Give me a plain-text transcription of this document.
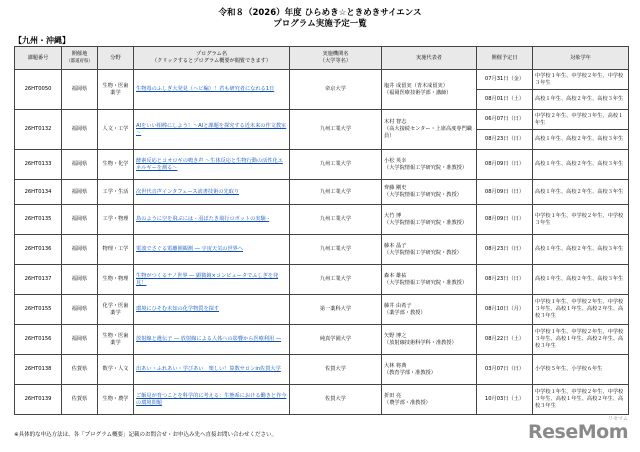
令和８（2026）年度 ひらめき☆ときめきサイエンス
プログラム実施予定一覧
【九州・沖縄】
課題番号	開催地
（都道府県）	分野	プログラム名
（クリックするとプログラム概要が閲覧できます）	実施機関名
（大学等名）	実施代表者	開催予定日	対象学年
26HT0050	福岡県	生物・医歯薬学	生物毒のふしぎ大発見（ヘビ編）！君も研究者になれる1日	帝京大学	塩井 成留実（青木成留実）
（福岡医療技術学部・講師）	07月31日（金）	中学校１年生、中学校２年生、中学校３年生
						08月01日（土）	高校１年生、高校２年生、高校３年生
26HT0132	福岡県	人文・工学	AIをいい相棒にしよう！～AIと課題を探究する近未来の作文教室～	九州工業大学	木村 智志
（高大接続センター・上席高度専門職員）	06月07日（日）	中学校２年生、中学校３年生、高校１年生
						08月23日（日）	高校１年生、高校２年生、高校３年生
26HT0133	福岡県	生物・化学	酵素反応とコオロギの鳴き声 ～生体反応と生物行動の活性化エネルギーを測る～	九州工業大学	小松 英幸
（大学院情報工学研究院・准教授）	08月09日（日）	高校１年生、高校２年生、高校３年生
26HT0134	福岡県	工学・生活	次世代音声インタフェース読書技術の先取り	九州工業大学	齊藤 剛史
（大学院情報工学研究院・教授）	08月09日（日）	高校１年生、高校２年生、高校３年生
26HT0135	福岡県	工学・物理	鳥のように空を飛ぶには - 羽ばたき飛行ロボットの実験 -	九州工業大学	大竹 博
（大学院情報工学研究院・准教授）	08月09日（日）	中学校１年生、中学校２年生、中学校３年生
26HT0136	福岡県	物理・工学	電波でさぐる電離圏観測 ― 宇宙天気の世界へ	九州工業大学	藤本 晶子
（大学院情報工学研究院・教授）	08月23日（日）	高校１年生、高校２年生、高校３年生
26HT0137	福岡県	生物・物理	生物がつくるナノ世界 ― 顕微鏡×コンピュータでふしぎを発見！	九州工業大学	森本 雄祐
（大学院情報工学研究院・准教授）	08月23日（日）	高校１年生、高校２年生、高校３年生
26HT0155	福岡県	化学・医歯薬学	環境にひそむ未知の化学物質を探す	第一薬科大学	藤井 由希子
（薬学部・教授）	08月10日（月）	中学校１年生、中学校２年生、中学校３年生、高校１年生、高校２年生、高校３年生
26HT0156	福岡県	生物・医歯薬学	放射線と遺伝子 ― 放射線による人体への影響から医療利用 ―	純真学園大学	矢野 博之
（放射線技術科学科・准教授）	08月22日（土）	中学校１年生、中学校２年生、中学校３年生、高校１年生、高校２年生、高校３年生
26HT0138	佐賀県	数学・人文	出あい・ふれあい・学びあい　楽しい！算数サロンin佐賀大学	佐賀大学	大林 将典
（教育学部・准教授）	03月07日（日）	小学校５年生、小学校６年生
26HT0139	佐賀県	生物・農学	ご飯見が育つことを科学的に考える：生態系における働きと作今の環境問題	佐賀大学	折田 亮
（農学部・准教授）	10月03日（土）	中学校１年生、中学校２年生、中学校３年生、高校１年生、高校２年生、高校３年生
※具体的な申込方法は、各「プログラム概要」記載のお問合せ・お申込み先へ直接お問い合わせください。
リセマム
ReseMom
